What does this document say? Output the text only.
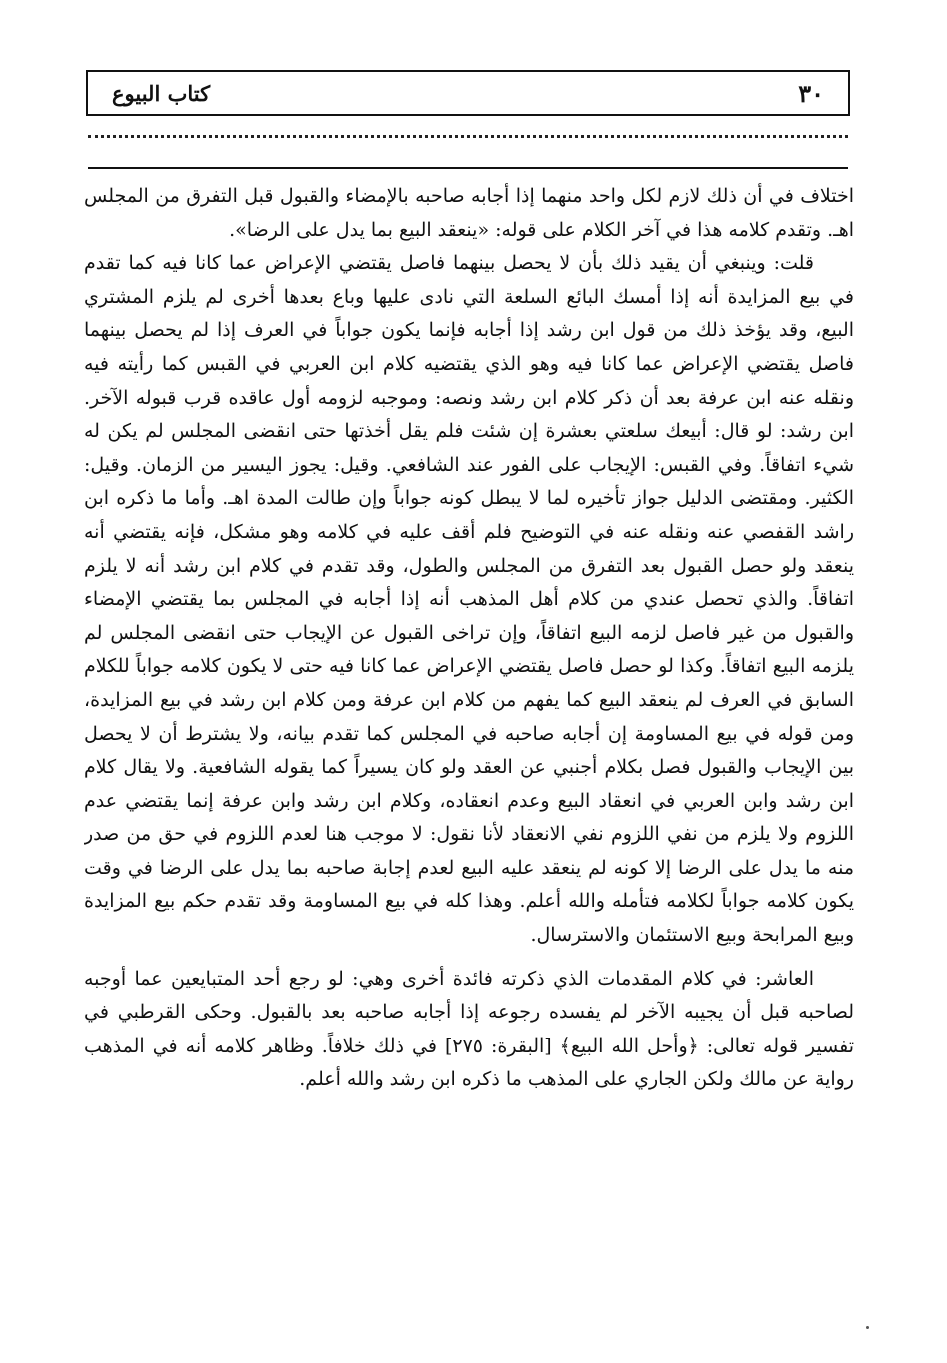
كتاب البيوع	٣٠

اختلاف في أن ذلك لازم لكل واحد منهما إذا أجابه صاحبه بالإمضاء والقبول قبل التفرق من المجلس اهـ. وتقدم كلامه هذا في آخر الكلام على قوله: «ينعقد البيع بما يدل على الرضا».

قلت: وينبغي أن يقيد ذلك بأن لا يحصل بينهما فاصل يقتضي الإعراض عما كانا فيه كما تقدم في بيع المزايدة أنه إذا أمسك البائع السلعة التي نادى عليها وباع بعدها أخرى لم يلزم المشتري البيع، وقد يؤخذ ذلك من قول ابن رشد إذا أجابه فإنما يكون جواباً في العرف إذا لم يحصل بينهما فاصل يقتضي الإعراض عما كانا فيه وهو الذي يقتضيه كلام ابن العربي في القبس كما رأيته فيه ونقله عنه ابن عرفة بعد أن ذكر كلام ابن رشد ونصه: وموجبه لزومه أول عاقده قرب قبوله الآخر. ابن رشد: لو قال: أبيعك سلعتي بعشرة إن شئت فلم يقل أخذتها حتى انقضى المجلس لم يكن له شيء اتفاقاً. وفي القبس: الإيجاب على الفور عند الشافعي. وقيل: يجوز اليسير من الزمان. وقيل: الكثير. ومقتضى الدليل جواز تأخيره لما لا يبطل كونه جواباً وإن طالت المدة اهـ. وأما ما ذكره ابن راشد القفصي عنه ونقله عنه في التوضيح فلم أقف عليه في كلامه وهو مشكل، فإنه يقتضي أنه ينعقد ولو حصل القبول بعد التفرق من المجلس والطول، وقد تقدم في كلام ابن رشد أنه لا يلزم اتفاقاً. والذي تحصل عندي من كلام أهل المذهب أنه إذا أجابه في المجلس بما يقتضي الإمضاء والقبول من غير فاصل لزمه البيع اتفاقاً، وإن تراخى القبول عن الإيجاب حتى انقضى المجلس لم يلزمه البيع اتفاقاً. وكذا لو حصل فاصل يقتضي الإعراض عما كانا فيه حتى لا يكون كلامه جواباً للكلام السابق في العرف لم ينعقد البيع كما يفهم من كلام ابن عرفة ومن كلام ابن رشد في بيع المزايدة، ومن قوله في بيع المساومة إن أجابه صاحبه في المجلس كما تقدم بيانه، ولا يشترط أن لا يحصل بين الإيجاب والقبول فصل بكلام أجنبي عن العقد ولو كان يسيراً كما يقوله الشافعية. ولا يقال كلام ابن رشد وابن العربي في انعقاد البيع وعدم انعقاده، وكلام ابن رشد وابن عرفة إنما يقتضي عدم اللزوم ولا يلزم من نفي اللزوم نفي الانعقاد لأنا نقول: لا موجب هنا لعدم اللزوم في حق من صدر منه ما يدل على الرضا إلا كونه لم ينعقد عليه البيع لعدم إجابة صاحبه بما يدل على الرضا في وقت يكون كلامه جواباً لكلامه فتأمله والله أعلم. وهذا كله في بيع المساومة وقد تقدم حكم بيع المزايدة وبيع المرابحة وبيع الاستئمان والاسترسال.

العاشر: في كلام المقدمات الذي ذكرته فائدة أخرى وهي: لو رجع أحد المتبايعين عما أوجبه لصاحبه قبل أن يجيبه الآخر لم يفسده رجوعه إذا أجابه صاحبه بعد بالقبول. وحكى القرطبي في تفسير قوله تعالى: ﴿وأحل الله البيع﴾ [البقرة: ٢٧٥] في ذلك خلافاً. وظاهر كلامه أنه في المذهب رواية عن مالك ولكن الجاري على المذهب ما ذكره ابن رشد والله أعلم.
